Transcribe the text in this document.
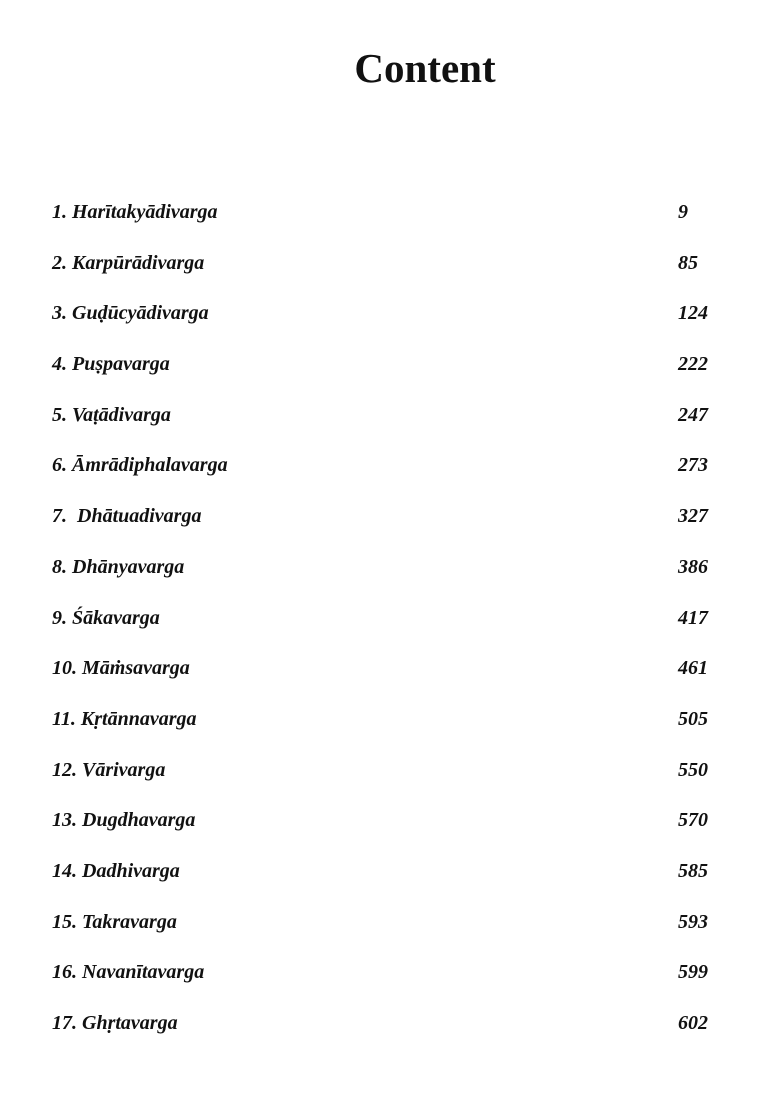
Content
1. Harītakyādivarga	9
2. Karpūrādivarga	85
3. Guḍūcyādivarga	124
4. Puṣpavarga	222
5. Vaṭādivarga	247
6. Āmrādiphalavarga	273
7.  Dhātuadivarga	327
8. Dhānyavarga	386
9. Śākavarga	417
10. Māṁsavarga	461
11. Kṛtānnavarga	505
12. Vārivarga	550
13. Dugdhavarga	570
14. Dadhivarga	585
15. Takravarga	593
16. Navanītavarga	599
17. Ghṛtavarga	602
